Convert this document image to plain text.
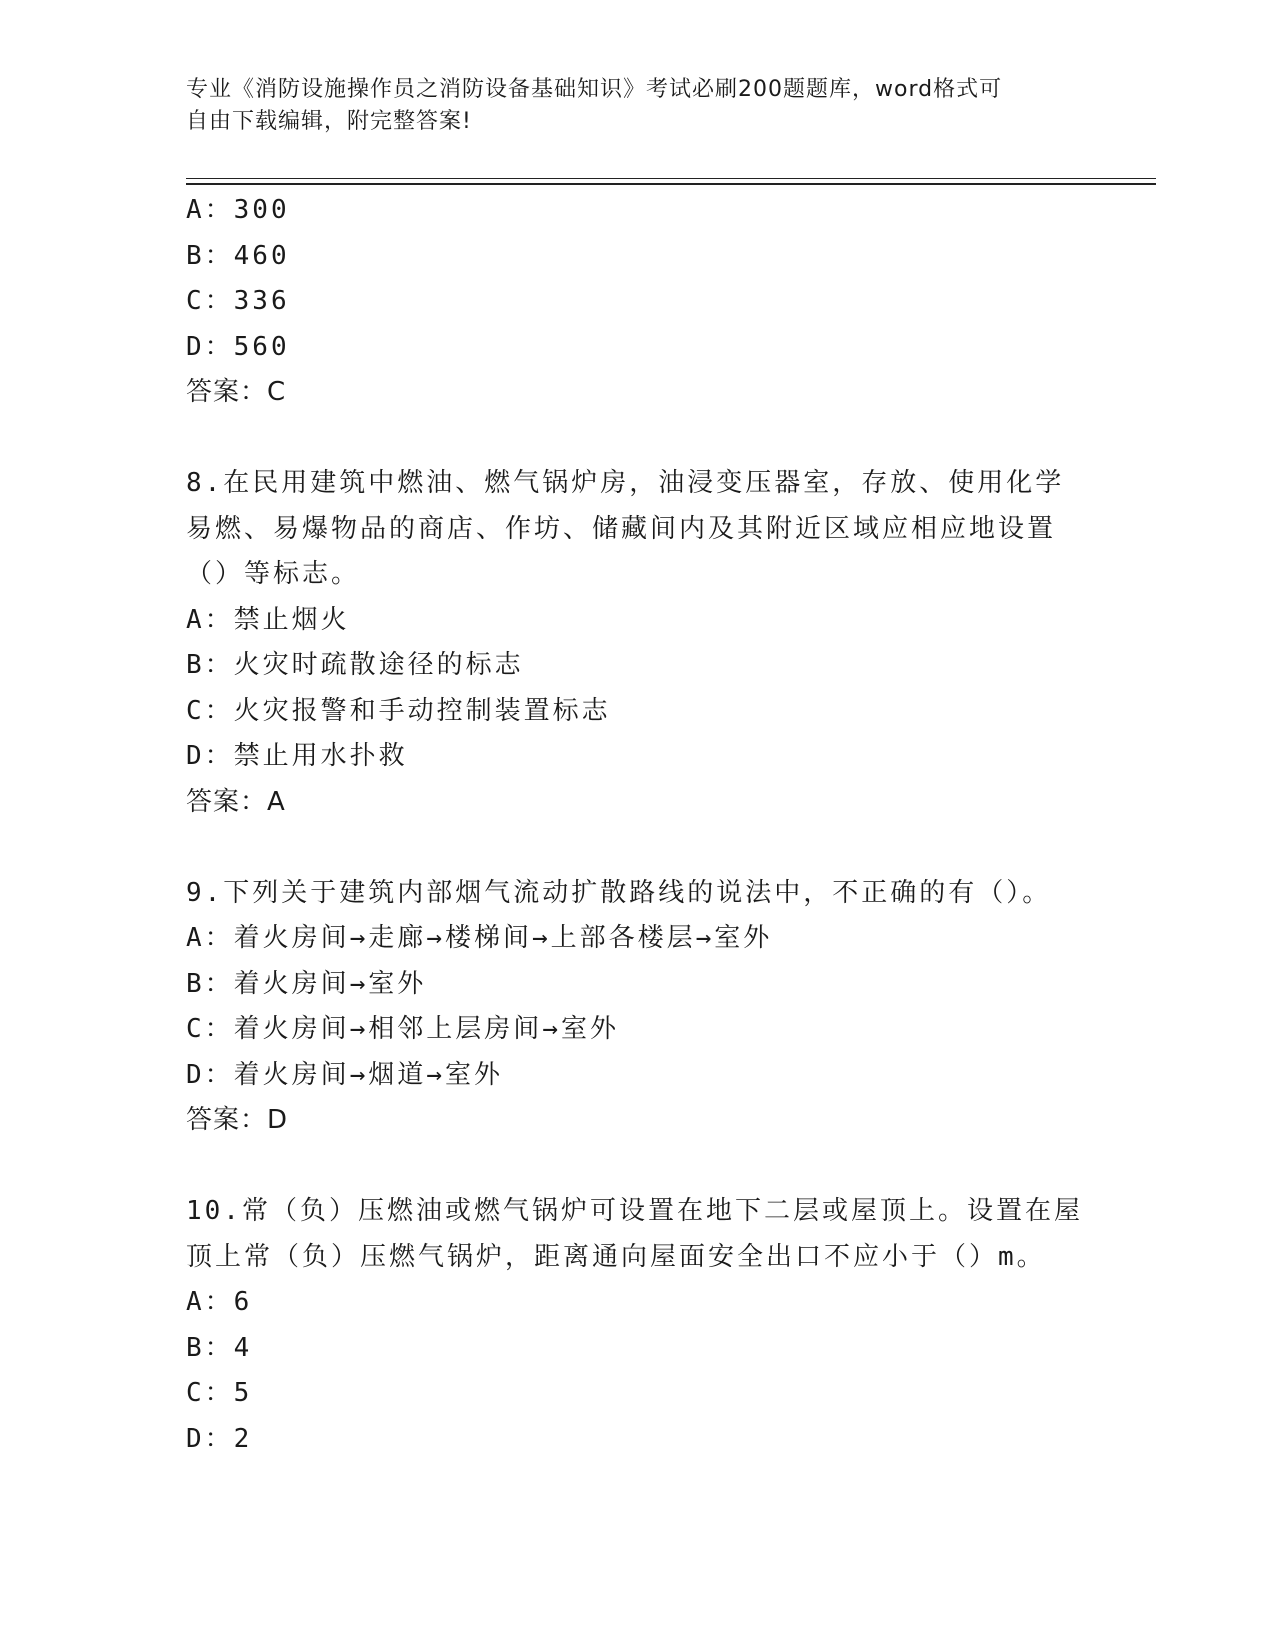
专业《消防设施操作员之消防设备基础知识》考试必刷200题题库，word格式可
自由下载编辑，附完整答案!
A：300
B：460
C：336
D：560
答案：C
8.在民用建筑中燃油、燃气锅炉房，油浸变压器室，存放、使用化学
易燃、易爆物品的商店、作坊、储藏间内及其附近区域应相应地设置
（）等标志。
A：禁止烟火
B：火灾时疏散途径的标志
C：火灾报警和手动控制装置标志
D：禁止用水扑救
答案：A
9.下列关于建筑内部烟气流动扩散路线的说法中，不正确的有（）。
A：着火房间→走廊→楼梯间→上部各楼层→室外
B：着火房间→室外
C：着火房间→相邻上层房间→室外
D：着火房间→烟道→室外
答案：D
10.常（负）压燃油或燃气锅炉可设置在地下二层或屋顶上。设置在屋
顶上常（负）压燃气锅炉，距离通向屋面安全出口不应小于（）m。
A：6
B：4
C：5
D：2
